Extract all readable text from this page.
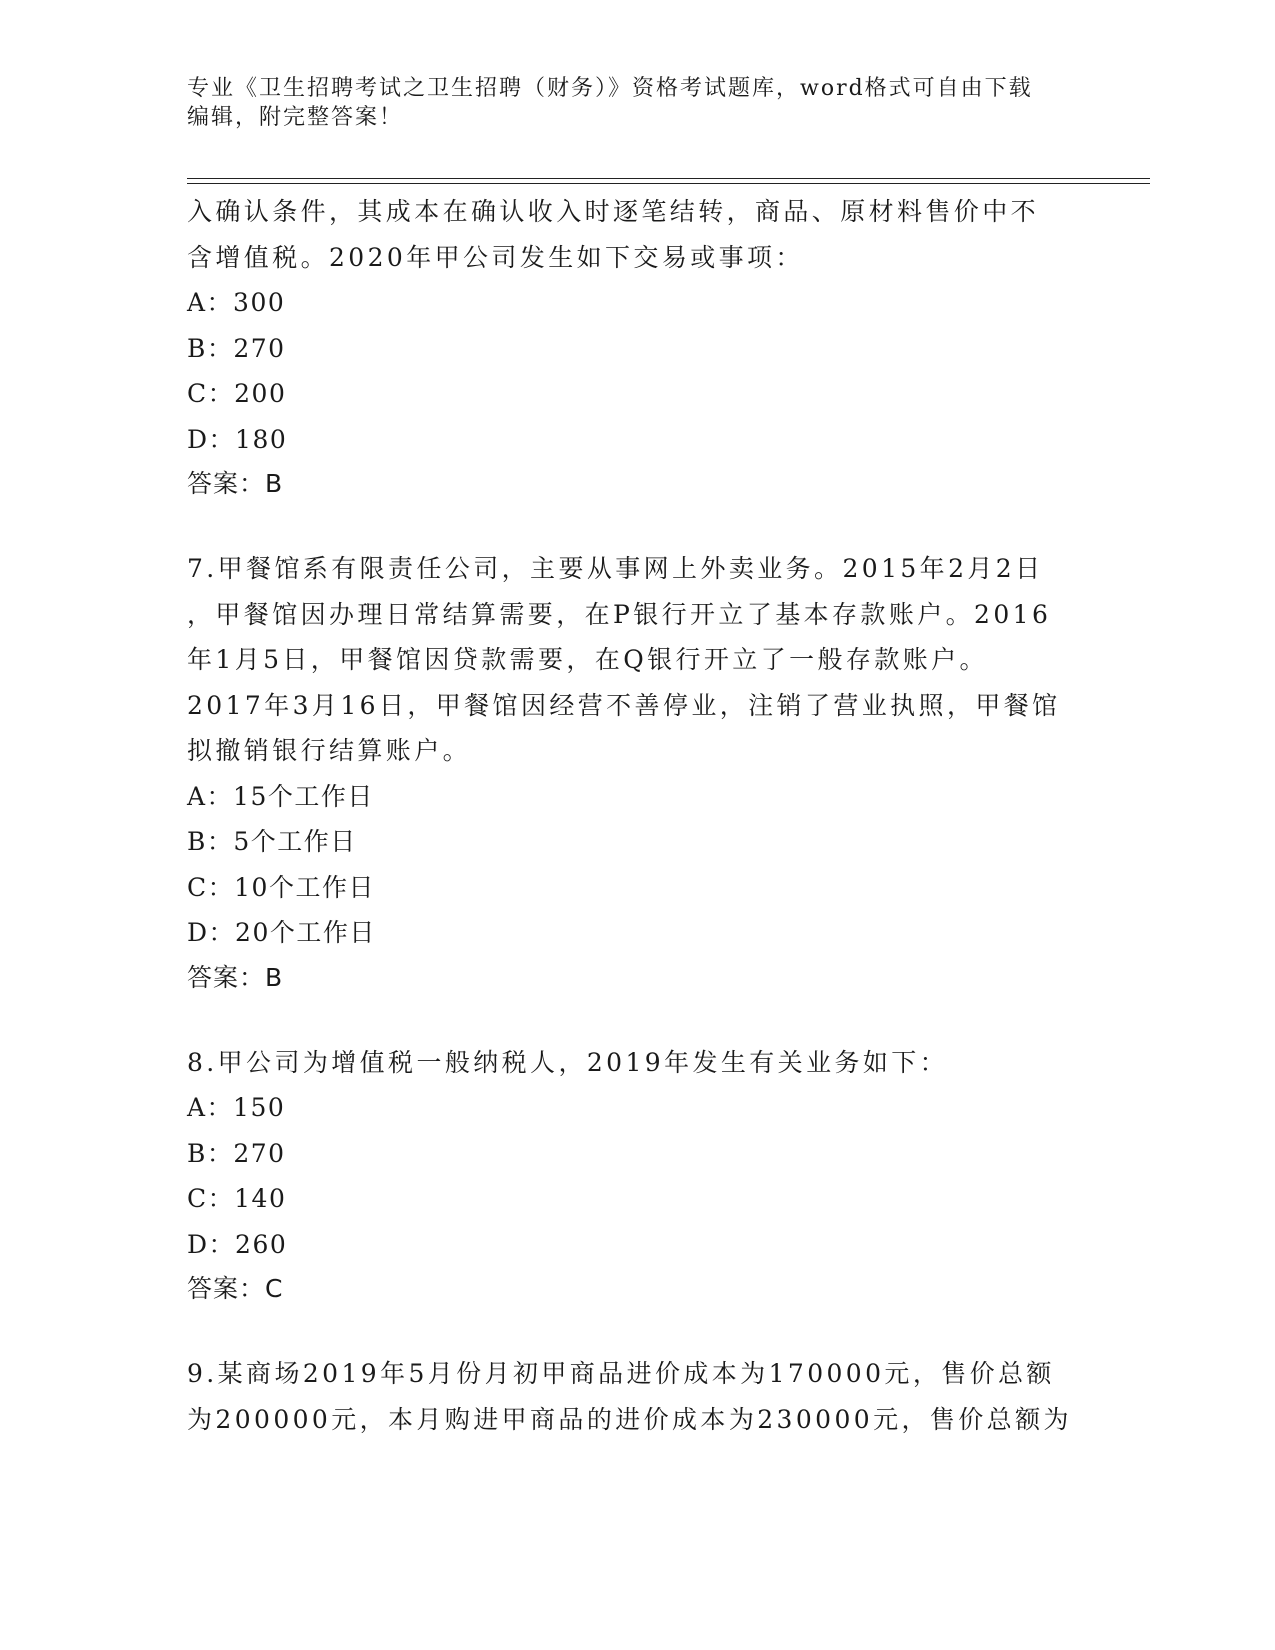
专业《卫生招聘考试之卫生招聘（财务）》资格考试题库，word格式可自由下载
编辑，附完整答案！
入确认条件，其成本在确认收入时逐笔结转，商品、原材料售价中不
含增值税。2020年甲公司发生如下交易或事项：
A：300
B：270
C：200
D：180
答案：B
7.甲餐馆系有限责任公司，主要从事网上外卖业务。2015年2月2日
，甲餐馆因办理日常结算需要，在P银行开立了基本存款账户。2016
年1月5日，甲餐馆因贷款需要，在Q银行开立了一般存款账户。
2017年3月16日，甲餐馆因经营不善停业，注销了营业执照，甲餐馆
拟撤销银行结算账户。
A：15个工作日
B：5个工作日
C：10个工作日
D：20个工作日
答案：B
8.甲公司为增值税一般纳税人，2019年发生有关业务如下：
A：150
B：270
C：140
D：260
答案：C
9.某商场2019年5月份月初甲商品进价成本为170000元，售价总额
为200000元，本月购进甲商品的进价成本为230000元，售价总额为
